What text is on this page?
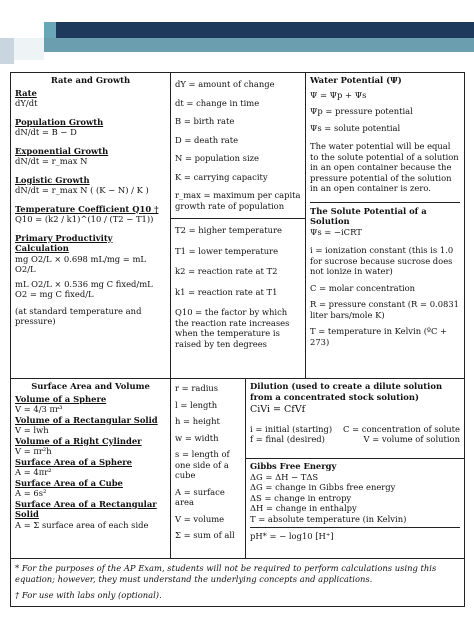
Rate and Growth
Rate
dY/dt
Population Growth
dN/dt = B − D
Exponential Growth
dN/dt = r_max N
Logistic Growth
dN/dt = r_max N ( (K − N) / K )
Temperature Coefficient Q10 †
Q10 = (k2 / k1)^(10 / (T2 − T1))
Primary Productivity Calculation
mg O2/L × 0.698 mL/mg = mL O2/L
mL O2/L × 0.536 mg C fixed/mL O2 = mg C fixed/L
(at standard temperature and pressure)
dY = amount of change
dt = change in time
B = birth rate
D = death rate
N = population size
K = carrying capacity
r_max = maximum per capita growth rate of population
T2 = higher temperature
T1 = lower temperature
k2 = reaction rate at T2
k1 = reaction rate at T1
Q10 = the factor by which the reaction rate increases when the temperature is raised by ten degrees
Water Potential (Ψ)
Ψ = Ψp + Ψs
Ψp = pressure potential
Ψs = solute potential
The water potential will be equal to the solute potential of a solution in an open container because the pressure potential of the solution in an open container is zero.
The Solute Potential of a Solution
Ψs = −iCRT
i = ionization constant (this is 1.0 for sucrose because sucrose does not ionize in water)
C = molar concentration
R = pressure constant (R = 0.0831 liter bars/mole K)
T = temperature in Kelvin (ºC + 273)
Surface Area and Volume
Volume of a Sphere
V = 4/3 πr³
Volume of a Rectangular Solid
V = lwh
Volume of a Right Cylinder
V = πr²h
Surface Area of a Sphere
A = 4πr²
Surface Area of a Cube
A = 6s²
Surface Area of a Rectangular Solid
A = Σ surface area of each side
r = radius
l = length
h = height
w = width
s = length of one side of a cube
A = surface area
V = volume
Σ = sum of all
Dilution (used to create a dilute solution from a concentrated stock solution)
CiVi = CfVf
i = initial (starting) C = concentration of solute
f = final (desired)	V = volume of solution
Gibbs Free Energy
ΔG = ΔH − TΔS
ΔG = change in Gibbs free energy
ΔS = change in entropy
ΔH = change in enthalpy
T = absolute temperature (in Kelvin)
pH* = − log10 [H⁺]
* For the purposes of the AP Exam, students will not be required to perform calculations using this equation; however, they must understand the underlying concepts and applications.
† For use with labs only (optional).
